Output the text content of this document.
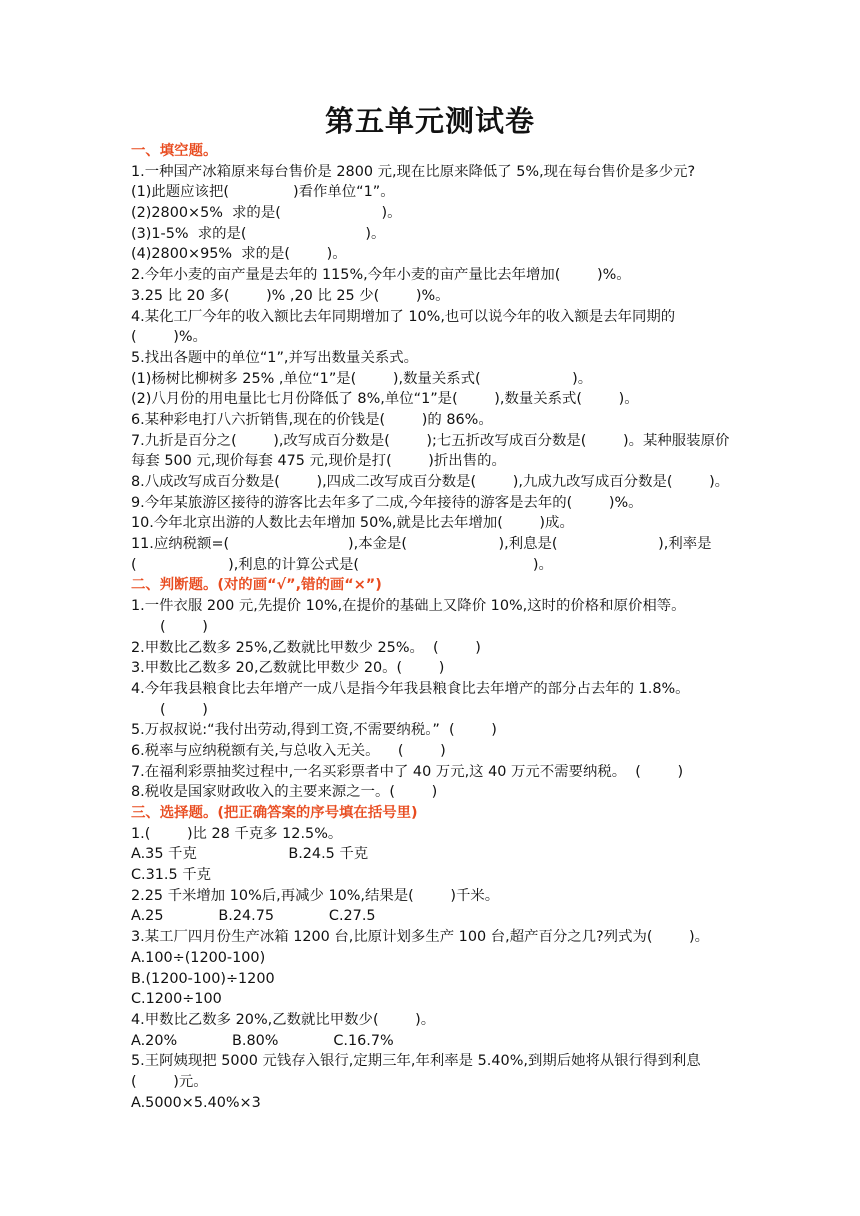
第五单元测试卷
一、填空题。
1.一种国产冰箱原来每台售价是 2800 元,现在比原来降低了 5%,现在每台售价是多少元?
(1)此题应该把(              )看作单位“1”。
(2)2800×5%  求的是(                      )。
(3)1-5%  求的是(                          )。
(4)2800×95%  求的是(        )。
2.今年小麦的亩产量是去年的 115%,今年小麦的亩产量比去年增加(        )%。
3.25 比 20 多(        )% ,20 比 25 少(        )%。
4.某化工厂今年的收入额比去年同期增加了 10%,也可以说今年的收入额是去年同期的
(        )%。
5.找出各题中的单位“1”,并写出数量关系式。
(1)杨树比柳树多 25% ,单位“1”是(        ),数量关系式(                    )。
(2)八月份的用电量比七月份降低了 8%,单位“1”是(        ),数量关系式(        )。
6.某种彩电打八六折销售,现在的价钱是(        )的 86%。
7.九折是百分之(        ),改写成百分数是(        );七五折改写成百分数是(        )。某种服装原价
每套 500 元,现价每套 475 元,现价是打(        )折出售的。
8.八成改写成百分数是(        ),四成二改写成百分数是(        ),九成九改写成百分数是(        )。
9.今年某旅游区接待的游客比去年多了二成,今年接待的游客是去年的(        )%。
10.今年北京出游的人数比去年增加 50%,就是比去年增加(        )成。
11.应纳税额=(                          ),本金是(                    ),利息是(                      ),利率是
(                    ),利息的计算公式是(                                      )。
二、判断题。(对的画“√”,错的画“×”)
1.一件衣服 200 元,先提价 10%,在提价的基础上又降价 10%,这时的价格和原价相等。
(        )
2.甲数比乙数多 25%,乙数就比甲数少 25%。  (        )
3.甲数比乙数多 20,乙数就比甲数少 20。(        )
4.今年我县粮食比去年增产一成八是指今年我县粮食比去年增产的部分占去年的 1.8%。
(        )
5.万叔叔说:“我付出劳动,得到工资,不需要纳税。”  (        )
6.税率与应纳税额有关,与总收入无关。    (        )
7.在福利彩票抽奖过程中,一名买彩票者中了 40 万元,这 40 万元不需要纳税。  (        )
8.税收是国家财政收入的主要来源之一。(        )
三、选择题。(把正确答案的序号填在括号里)
1.(        )比 28 千克多 12.5%。
A.35 千克                    B.24.5 千克
C.31.5 千克
2.25 千米增加 10%后,再减少 10%,结果是(        )千米。
A.25            B.24.75            C.27.5
3.某工厂四月份生产冰箱 1200 台,比原计划多生产 100 台,超产百分之几?列式为(        )。
A.100÷(1200-100)
B.(1200-100)÷1200
C.1200÷100
4.甲数比乙数多 20%,乙数就比甲数少(        )。
A.20%            B.80%            C.16.7%
5.王阿姨现把 5000 元钱存入银行,定期三年,年利率是 5.40%,到期后她将从银行得到利息
(        )元。
A.5000×5.40%×3
